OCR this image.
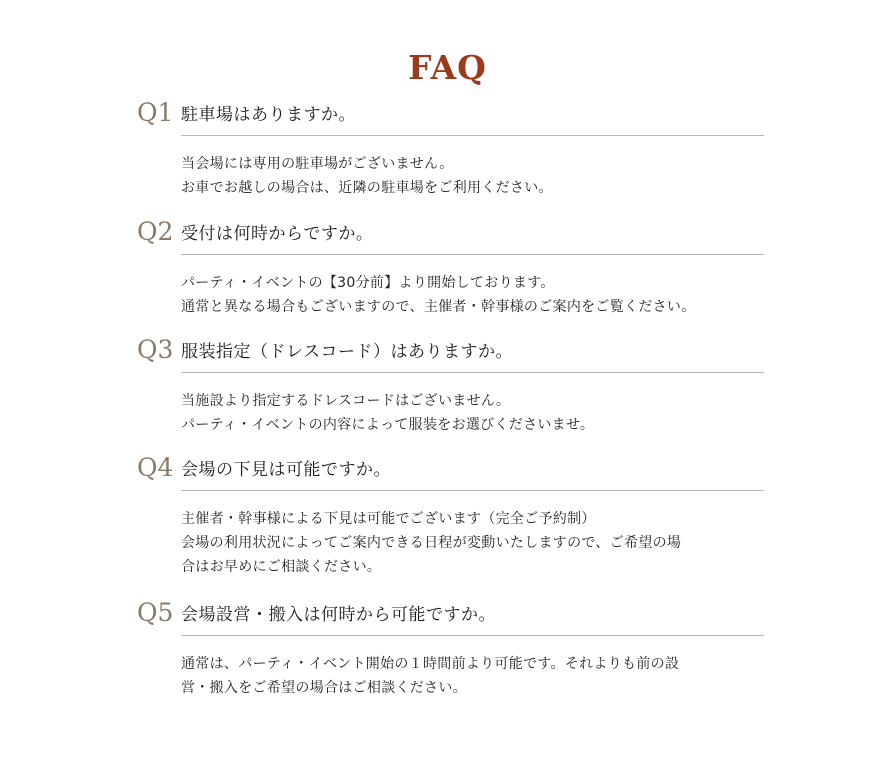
FAQ
Q1 駐車場はありますか。
当会場には専用の駐車場がございません。
お車でお越しの場合は、近隣の駐車場をご利用ください。
Q2 受付は何時からですか。
パーティ・イベントの【30分前】より開始しております。
通常と異なる場合もございますので、主催者・幹事様のご案内をご覧ください。
Q3 服装指定（ドレスコード）はありますか。
当施設より指定するドレスコードはございません。
パーティ・イベントの内容によって服装をお選びくださいませ。
Q4 会場の下見は可能ですか。
主催者・幹事様による下見は可能でございます（完全ご予約制）
会場の利用状況によってご案内できる日程が変動いたしますので、ご希望の場
合はお早めにご相談ください。
Q5 会場設営・搬入は何時から可能ですか。
通常は、パーティ・イベント開始の１時間前より可能です。それよりも前の設
営・搬入をご希望の場合はご相談ください。
